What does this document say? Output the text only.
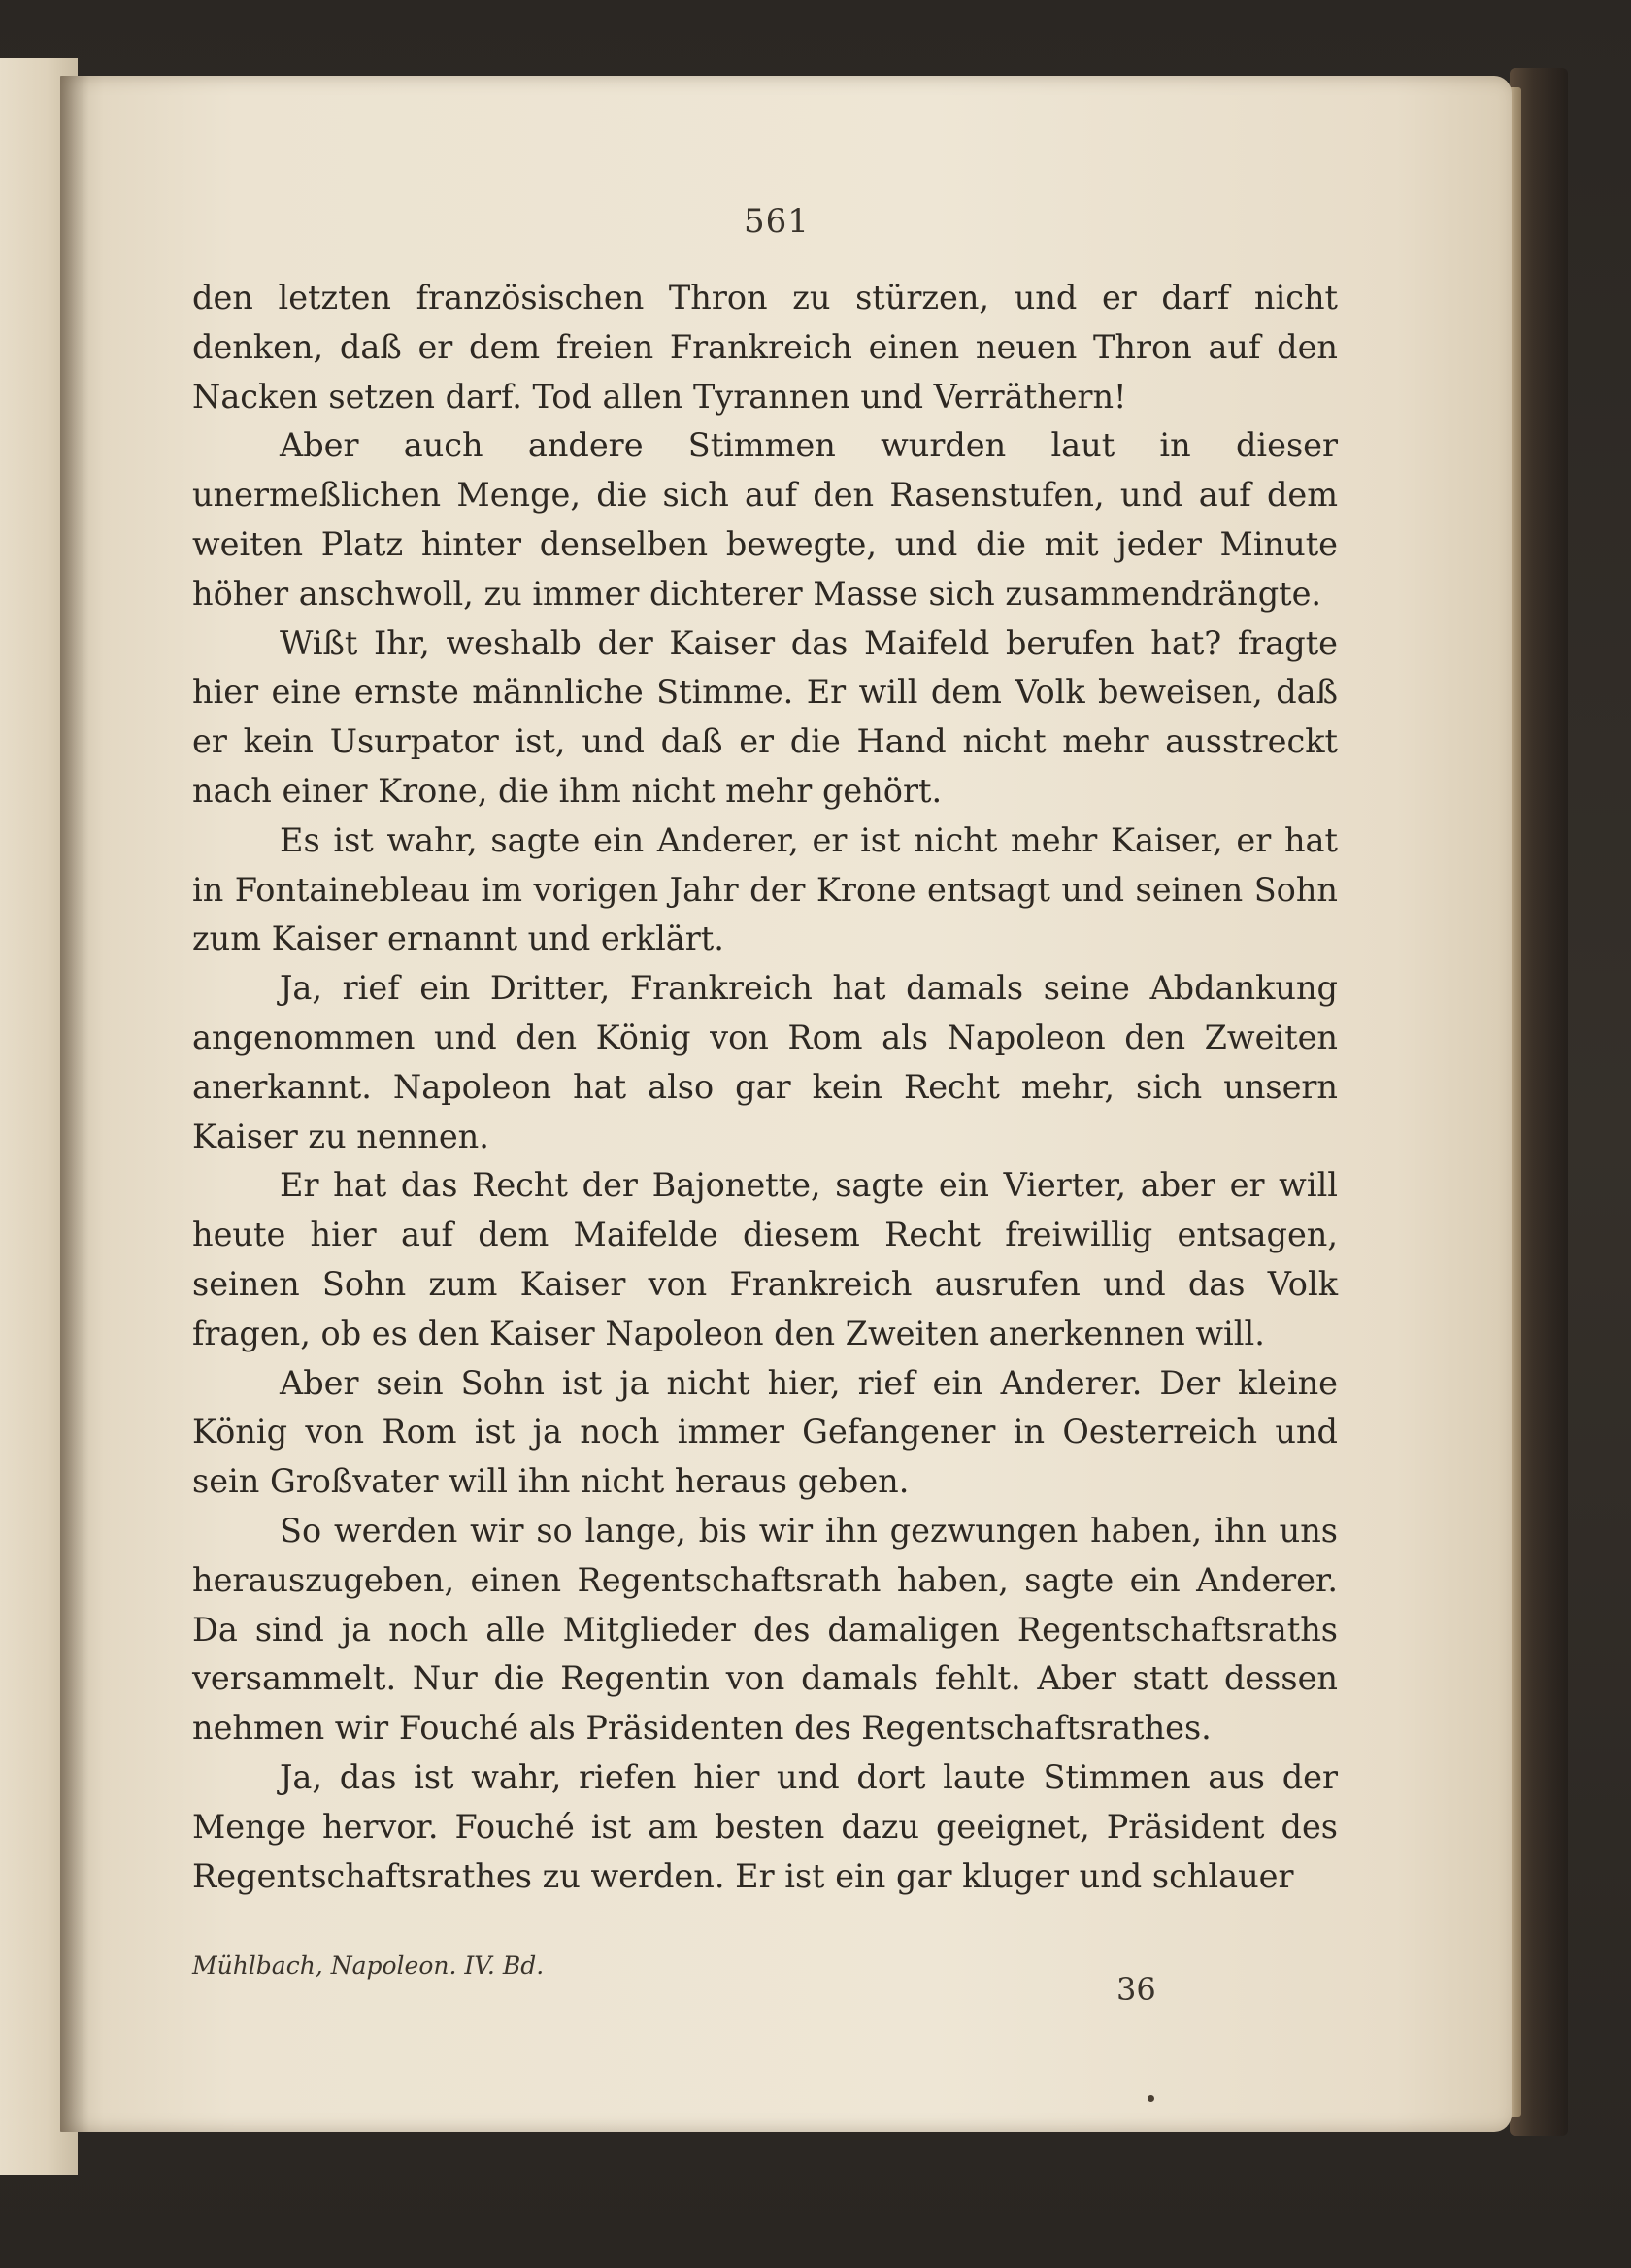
561

den letzten französischen Thron zu stürzen, und er darf nicht denken, daß er dem freien Frankreich einen neuen Thron auf den Nacken setzen darf. Tod allen Tyrannen und Verräthern!

Aber auch andere Stimmen wurden laut in dieser unermeßlichen Menge, die sich auf den Rasenstufen, und auf dem weiten Platz hinter denselben bewegte, und die mit jeder Minute höher anschwoll, zu immer dichterer Masse sich zusammendrängte.

Wißt Ihr, weshalb der Kaiser das Maifeld berufen hat? fragte hier eine ernste männliche Stimme. Er will dem Volk beweisen, daß er kein Usurpator ist, und daß er die Hand nicht mehr ausstreckt nach einer Krone, die ihm nicht mehr gehört.

Es ist wahr, sagte ein Anderer, er ist nicht mehr Kaiser, er hat in Fontainebleau im vorigen Jahr der Krone entsagt und seinen Sohn zum Kaiser ernannt und erklärt.

Ja, rief ein Dritter, Frankreich hat damals seine Abdankung angenommen und den König von Rom als Napoleon den Zweiten anerkannt. Napoleon hat also gar kein Recht mehr, sich unsern Kaiser zu nennen.

Er hat das Recht der Bajonette, sagte ein Vierter, aber er will heute hier auf dem Maifelde diesem Recht freiwillig entsagen, seinen Sohn zum Kaiser von Frankreich ausrufen und das Volk fragen, ob es den Kaiser Napoleon den Zweiten anerkennen will.

Aber sein Sohn ist ja nicht hier, rief ein Anderer. Der kleine König von Rom ist ja noch immer Gefangener in Oesterreich und sein Großvater will ihn nicht heraus geben.

So werden wir so lange, bis wir ihn gezwungen haben, ihn uns herauszugeben, einen Regentschaftsrath haben, sagte ein Anderer. Da sind ja noch alle Mitglieder des damaligen Regentschaftsraths versammelt. Nur die Regentin von damals fehlt. Aber statt dessen nehmen wir Fouché als Präsidenten des Regentschaftsrathes.

Ja, das ist wahr, riefen hier und dort laute Stimmen aus der Menge hervor. Fouché ist am besten dazu geeignet, Präsident des Regentschaftsrathes zu werden. Er ist ein gar kluger und schlauer

Mühlbach, Napoleon. IV. Bd.
36
